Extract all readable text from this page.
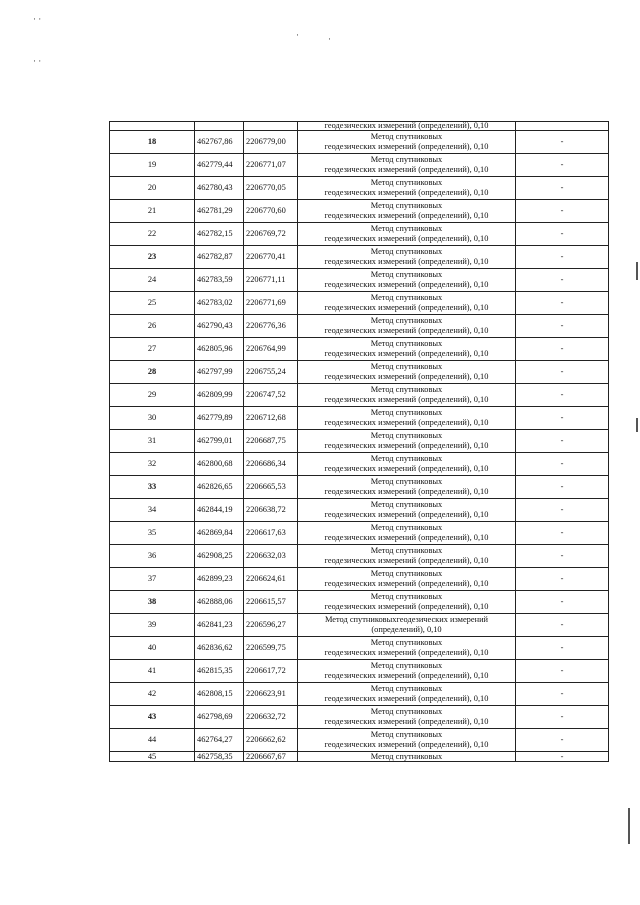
· ·
· ·
·	·
			геодезических измерений (определений), 0,10	
18	462767,86	2206779,00	Метод спутниковых
геодезических измерений (определений), 0,10	-
19	462779,44	2206771,07	Метод спутниковых
геодезических измерений (определений), 0,10	-
20	462780,43	2206770,05	Метод спутниковых
геодезических измерений (определений), 0,10	-
21	462781,29	2206770,60	Метод спутниковых
геодезических измерений (определений), 0,10	-
22	462782,15	2206769,72	Метод спутниковых
геодезических измерений (определений), 0,10	-
23	462782,87	2206770,41	Метод спутниковых
геодезических измерений (определений), 0,10	-
24	462783,59	2206771,11	Метод спутниковых
геодезических измерений (определений), 0,10	-
25	462783,02	2206771,69	Метод спутниковых
геодезических измерений (определений), 0,10	-
26	462790,43	2206776,36	Метод спутниковых
геодезических измерений (определений), 0,10	-
27	462805,96	2206764,99	Метод спутниковых
геодезических измерений (определений), 0,10	-
28	462797,99	2206755,24	Метод спутниковых
геодезических измерений (определений), 0,10	-
29	462809,99	2206747,52	Метод спутниковых
геодезических измерений (определений), 0,10	-
30	462779,89	2206712,68	Метод спутниковых
геодезических измерений (определений), 0,10	-
31	462799,01	2206687,75	Метод спутниковых
геодезических измерений (определений), 0,10	-
32	462800,68	2206686,34	Метод спутниковых
геодезических измерений (определений), 0,10	-
33	462826,65	2206665,53	Метод спутниковых
геодезических измерений (определений), 0,10	-
34	462844,19	2206638,72	Метод спутниковых
геодезических измерений (определений), 0,10	-
35	462869,84	2206617,63	Метод спутниковых
геодезических измерений (определений), 0,10	-
36	462908,25	2206632,03	Метод спутниковых
геодезических измерений (определений), 0,10	-
37	462899,23	2206624,61	Метод спутниковых
геодезических измерений (определений), 0,10	-
38	462888,06	2206615,57	Метод спутниковых
геодезических измерений (определений), 0,10	-
39	462841,23	2206596,27	Метод спутниковыхгеодезических измерений
(определений), 0,10	-
40	462836,62	2206599,75	Метод спутниковых
геодезических измерений (определений), 0,10	-
41	462815,35	2206617,72	Метод спутниковых
геодезических измерений (определений), 0,10	-
42	462808,15	2206623,91	Метод спутниковых
геодезических измерений (определений), 0,10	-
43	462798,69	2206632,72	Метод спутниковых
геодезических измерений (определений), 0,10	-
44	462764,27	2206662,62	Метод спутниковых
геодезических измерений (определений), 0,10	-
45	462758,35	2206667,67	Метод спутниковых	-
